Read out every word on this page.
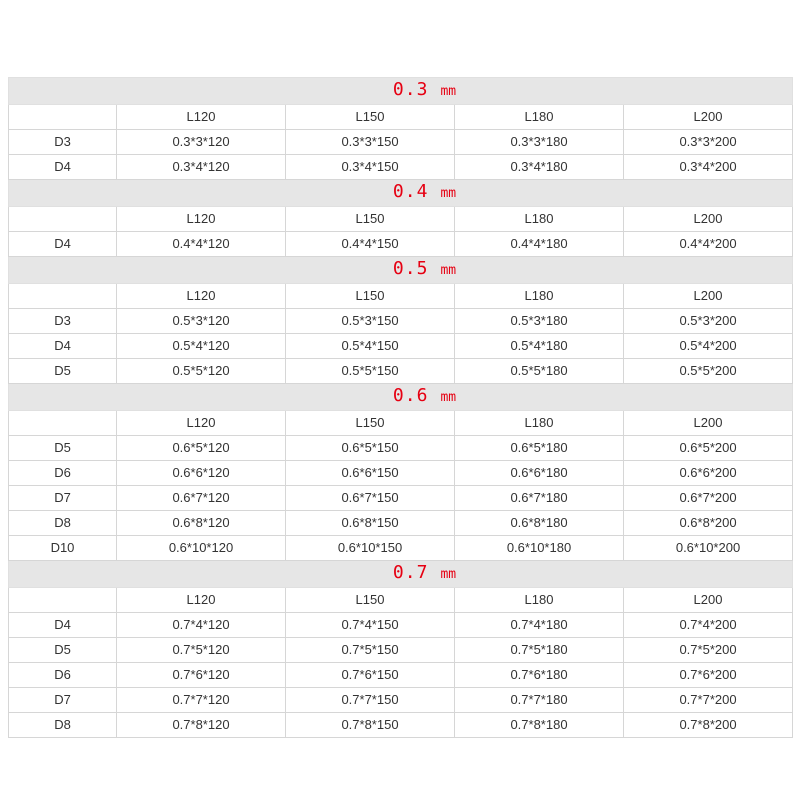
0.3 mm				
	L120	L150	L180	L200
D3	0.3*3*120	0.3*3*150	0.3*3*180	0.3*3*200
D4	0.3*4*120	0.3*4*150	0.3*4*180	0.3*4*200
0.4 mm				
	L120	L150	L180	L200
D4	0.4*4*120	0.4*4*150	0.4*4*180	0.4*4*200
0.5 mm				
	L120	L150	L180	L200
D3	0.5*3*120	0.5*3*150	0.5*3*180	0.5*3*200
D4	0.5*4*120	0.5*4*150	0.5*4*180	0.5*4*200
D5	0.5*5*120	0.5*5*150	0.5*5*180	0.5*5*200
0.6 mm				
	L120	L150	L180	L200
D5	0.6*5*120	0.6*5*150	0.6*5*180	0.6*5*200
D6	0.6*6*120	0.6*6*150	0.6*6*180	0.6*6*200
D7	0.6*7*120	0.6*7*150	0.6*7*180	0.6*7*200
D8	0.6*8*120	0.6*8*150	0.6*8*180	0.6*8*200
D10	0.6*10*120	0.6*10*150	0.6*10*180	0.6*10*200
0.7 mm				
	L120	L150	L180	L200
D4	0.7*4*120	0.7*4*150	0.7*4*180	0.7*4*200
D5	0.7*5*120	0.7*5*150	0.7*5*180	0.7*5*200
D6	0.7*6*120	0.7*6*150	0.7*6*180	0.7*6*200
D7	0.7*7*120	0.7*7*150	0.7*7*180	0.7*7*200
D8	0.7*8*120	0.7*8*150	0.7*8*180	0.7*8*200
